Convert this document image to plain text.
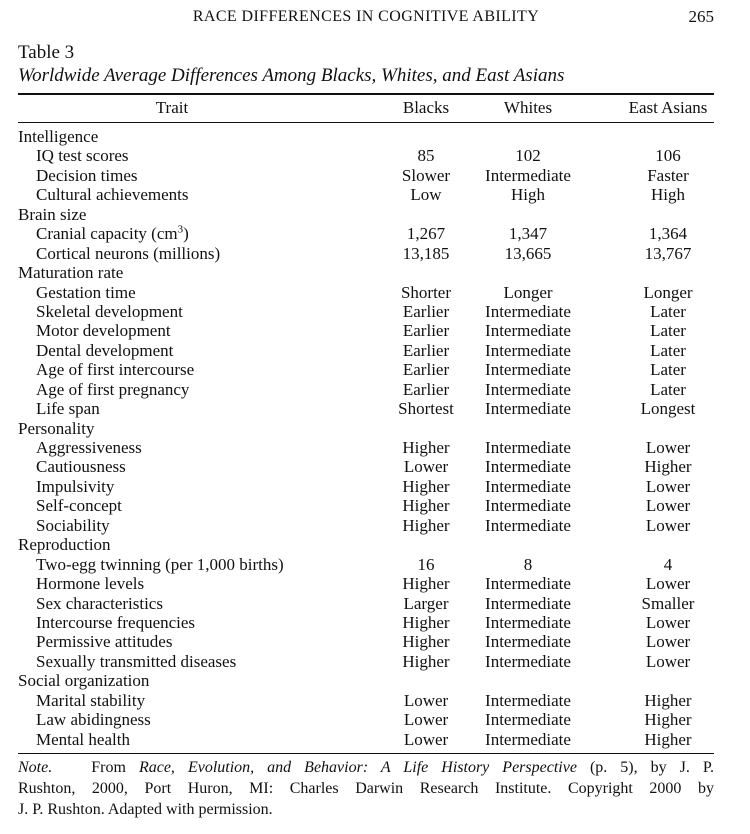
RACE DIFFERENCES IN COGNITIVE ABILITY	265
Table 3
Worldwide Average Differences Among Blacks, Whites, and East Asians
Trait	Blacks	Whites	East Asians
Intelligence
IQ test scores	85	102	106
Decision times	Slower	Intermediate	Faster
Cultural achievements	Low	High	High
Brain size
Cranial capacity $(cm^3)$	1,267	1,347	1,364
Cortical neurons (millions)	13,185	13,665	13,767
Maturation rate
Gestation time	Shorter	Longer	Longer
Skeletal development	Earlier	Intermediate	Later
Motor development	Earlier	Intermediate	Later
Dental development	Earlier	Intermediate	Later
Age of first intercourse	Earlier	Intermediate	Later
Age of first pregnancy	Earlier	Intermediate	Later
Life span	Shortest	Intermediate	Longest
Personality
Aggressiveness	Higher	Intermediate	Lower
Cautiousness	Lower	Intermediate	Higher
Impulsivity	Higher	Intermediate	Lower
Self-concept	Higher	Intermediate	Lower
Sociability	Higher	Intermediate	Lower
Reproduction
Two-egg twinning (per 1,000 births)	16	8	4
Hormone levels	Higher	Intermediate	Lower
Sex characteristics	Larger	Intermediate	Smaller
Intercourse frequencies	Higher	Intermediate	Lower
Permissive attitudes	Higher	Intermediate	Lower
Sexually transmitted diseases	Higher	Intermediate	Lower
Social organization
Marital stability	Lower	Intermediate	Higher
Law abidingness	Lower	Intermediate	Higher
Mental health	Lower	Intermediate	Higher
Note. From Race, Evolution, and Behavior: A Life History Perspective (p. 5), by J. P.
Rushton, 2000, Port Huron, MI: Charles Darwin Research Institute. Copyright 2000 by
J. P. Rushton. Adapted with permission.
